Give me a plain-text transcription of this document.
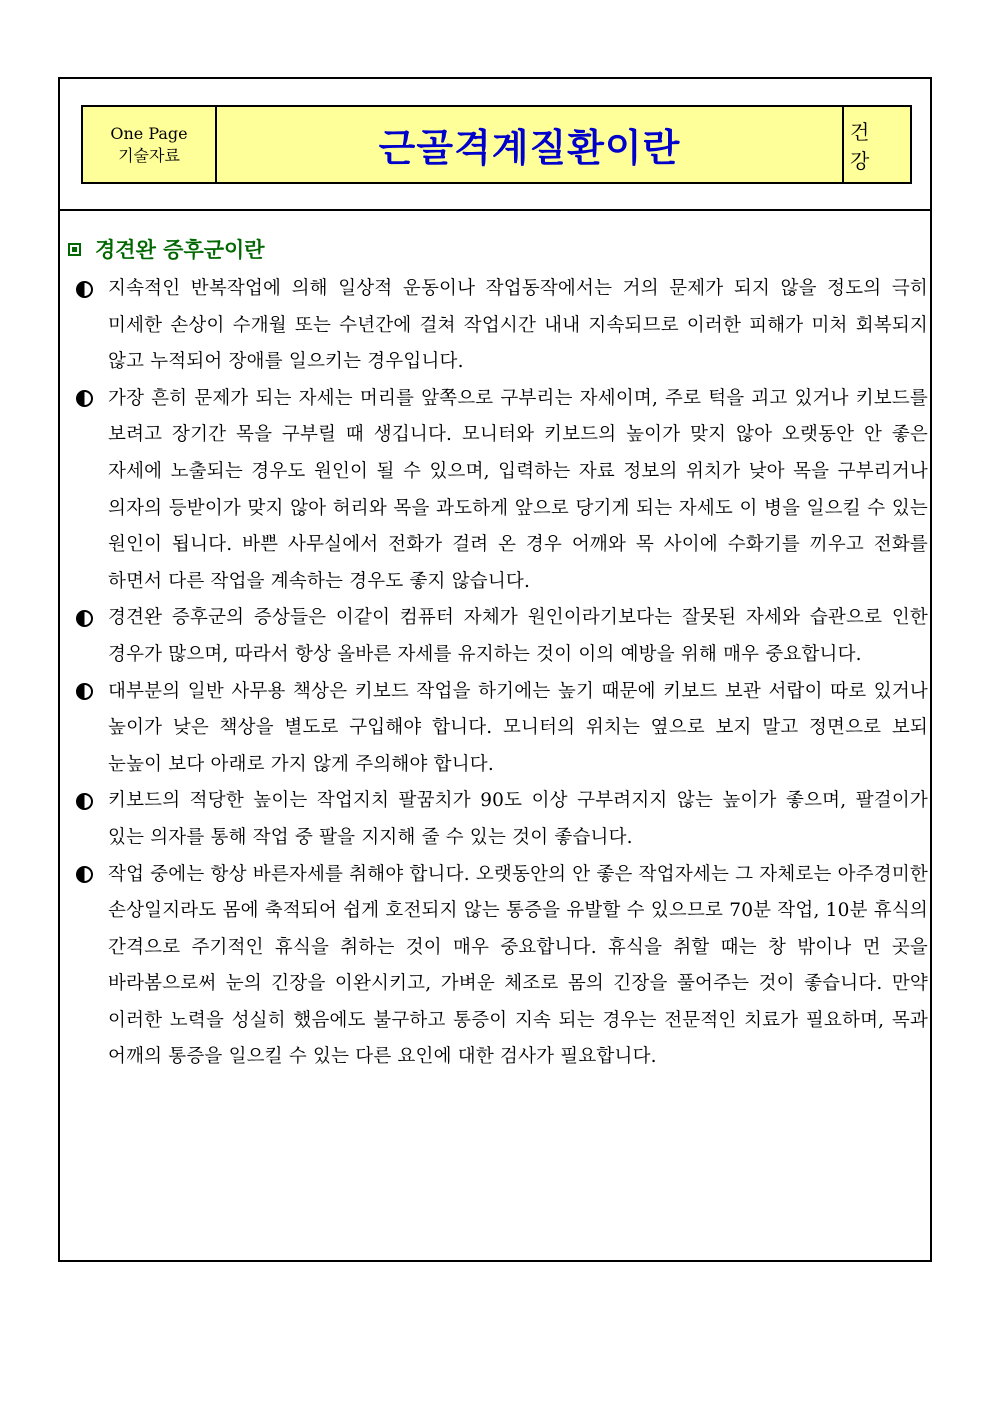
One Page
기술자료	근골격계질환이란	건 강
경견완 증후군이란
지속적인 반복작업에 의해 일상적 운동이나 작업동작에서는 거의 문제가 되지 않을 정도의 극히 미세한 손상이 수개월 또는 수년간에 걸쳐 작업시간 내내 지속되므로 이러한 피해가 미처 회복되지 않고 누적되어 장애를 일으키는 경우입니다.
가장 흔히 문제가 되는 자세는 머리를 앞쪽으로 구부리는 자세이며, 주로 턱을 괴고 있거나 키보드를 보려고 장기간 목을 구부릴 때 생깁니다. 모니터와 키보드의 높이가 맞지 않아 오랫동안 안 좋은 자세에 노출되는 경우도 원인이 될 수 있으며, 입력하는 자료 정보의 위치가 낮아 목을 구부리거나 의자의 등받이가 맞지 않아 허리와 목을 과도하게 앞으로 당기게 되는 자세도 이 병을 일으킬 수 있는 원인이 됩니다. 바쁜 사무실에서 전화가 걸려 온 경우 어깨와 목 사이에 수화기를 끼우고 전화를 하면서 다른 작업을 계속하는 경우도 좋지 않습니다.
경견완 증후군의 증상들은 이같이 컴퓨터 자체가 원인이라기보다는 잘못된 자세와 습관으로 인한 경우가 많으며, 따라서 항상 올바른 자세를 유지하는 것이 이의 예방을 위해 매우 중요합니다.
대부분의 일반 사무용 책상은 키보드 작업을 하기에는 높기 때문에 키보드 보관 서랍이 따로 있거나 높이가 낮은 책상을 별도로 구입해야 합니다. 모니터의 위치는 옆으로 보지 말고 정면으로 보되 눈높이 보다 아래로 가지 않게 주의해야 합니다.
키보드의 적당한 높이는 작업지치 팔꿈치가 90도 이상 구부려지지 않는 높이가 좋으며, 팔걸이가 있는 의자를 통해 작업 중 팔을 지지해 줄 수 있는 것이 좋습니다.
작업 중에는 항상 바른자세를 취해야 합니다. 오랫동안의 안 좋은 작업자세는 그 자체로는 아주경미한 손상일지라도 몸에 축적되어 쉽게 호전되지 않는 통증을 유발할 수 있으므로 70분 작업, 10분 휴식의 간격으로 주기적인 휴식을 취하는 것이 매우 중요합니다. 휴식을 취할 때는 창 밖이나 먼 곳을 바라봄으로써 눈의 긴장을 이완시키고, 가벼운 체조로 몸의 긴장을 풀어주는 것이 좋습니다. 만약 이러한 노력을 성실히 했음에도 불구하고 통증이 지속 되는 경우는 전문적인 치료가 필요하며, 목과 어깨의 통증을 일으킬 수 있는 다른 요인에 대한 검사가 필요합니다.
